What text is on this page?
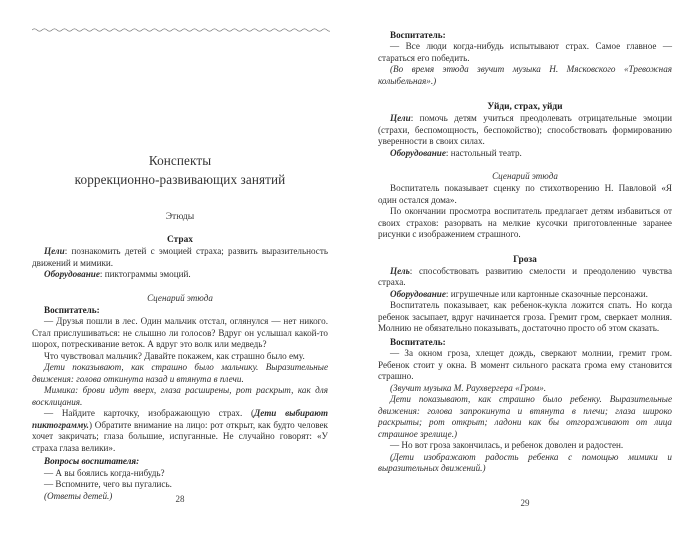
Конспекты
коррекционно-развивающих занятий
Этюды
Страх

Цели: познакомить детей с эмоцией страха; развить выразительность движений и мимики.

Оборудование: пиктограммы эмоций.

Сценарий этюда

Воспитатель:

— Друзья пошли в лес. Один мальчик отстал, оглянулся — нет никого. Стал прислушиваться: не слышно ли голосов? Вдруг он услышал какой-то шорох, потрескивание веток. А вдруг это волк или медведь?

Что чувствовал мальчик? Давайте покажем, как страшно было ему.

Дети показывают, как страшно было мальчику. Выразительные движения: голова откинута назад и втянута в плечи.

Мимика: брови идут вверх, глаза расширены, рот раскрыт, как для восклицания.

— Найдите карточку, изображающую страх. (Дети выбирают пиктограмму.) Обратите внимание на лицо: рот открыт, как будто человек хочет закричать; глаза большие, испуганные. Не случайно говорят: «У страха глаза велики».

Вопросы воспитателя:

— А вы боялись когда-нибудь?

— Вспомните, чего вы пугались.

(Ответы детей.)	28

Воспитатель:

— Все люди когда-нибудь испытывают страх. Самое главное — стараться его победить.

(Во время этюда звучит музыка Н. Мясковского «Тревожная колыбельная».)

Уйди, страх, уйди

Цели: помочь детям учиться преодолевать отрицательные эмоции (страхи, беспомощность, беспокойство); способствовать формированию уверенности в своих силах.

Оборудование: настольный театр.

Сценарий этюда

Воспитатель показывает сценку по стихотворению Н. Павловой «Я один остался дома».

По окончании просмотра воспитатель предлагает детям избавиться от своих страхов: разорвать на мелкие кусочки приготовленные заранее рисунки с изображением страшного.

Гроза

Цель: способствовать развитию смелости и преодолению чувства страха.

Оборудование: игрушечные или картонные сказочные персонажи.

Воспитатель показывает, как ребенок-кукла ложится спать. Но когда ребенок засыпает, вдруг начинается гроза. Гремит гром, сверкает молния. Молнию не обязательно показывать, достаточно просто об этом сказать.

Воспитатель:

— За окном гроза, хлещет дождь, сверкают молнии, гремит гром. Ребенок стоит у окна. В момент сильного раската грома ему становится страшно.

(Звучит музыка М. Раухвергера «Гром».

Дети показывают, как страшно было ребенку. Выразительные движения: голова запрокинута и втянута в плечи; глаза широко раскрыты; рот открыт; ладони как бы отгораживают от лица страшное зрелище.)

— Но вот гроза закончилась, и ребенок доволен и радостен.

(Дети изображают радость ребенка с помощью мимики и выразительных движений.)

29
